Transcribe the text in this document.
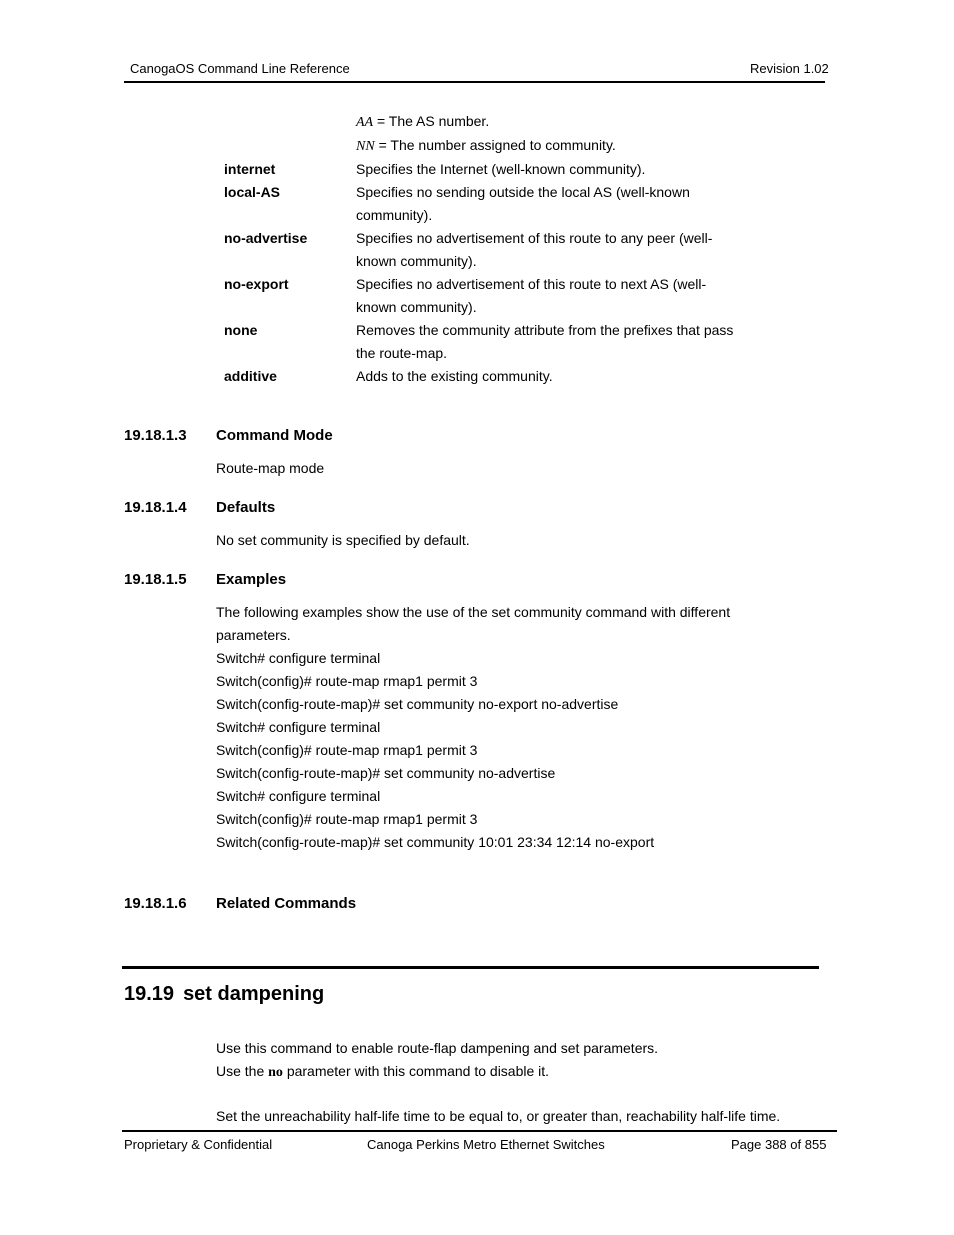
CanogaOS Command Line Reference	Revision 1.02
AA = The AS number.
NN = The number assigned to community.
internet	Specifies the Internet (well-known community).
local-AS	Specifies no sending outside the local AS (well-known community).
no-advertise	Specifies no advertisement of this route to any peer (well-known community).
no-export	Specifies no advertisement of this route to next AS (well-known community).
none	Removes the community attribute from the prefixes that pass the route-map.
additive	Adds to the existing community.
19.18.1.3 Command Mode
Route-map mode
19.18.1.4 Defaults
No set community is specified by default.
19.18.1.5 Examples
The following examples show the use of the set community command with different parameters.
Switch# configure terminal
Switch(config)# route-map rmap1 permit 3
Switch(config-route-map)# set community no-export no-advertise
Switch# configure terminal
Switch(config)# route-map rmap1 permit 3
Switch(config-route-map)# set community no-advertise
Switch# configure terminal
Switch(config)# route-map rmap1 permit 3
Switch(config-route-map)# set community 10:01 23:34 12:14 no-export
19.18.1.6 Related Commands
19.19 set dampening
Use this command to enable route-flap dampening and set parameters.
Use the no parameter with this command to disable it.
Set the unreachability half-life time to be equal to, or greater than, reachability half-life time.
Proprietary & Confidential	Canoga Perkins Metro Ethernet Switches	Page 388 of 855
